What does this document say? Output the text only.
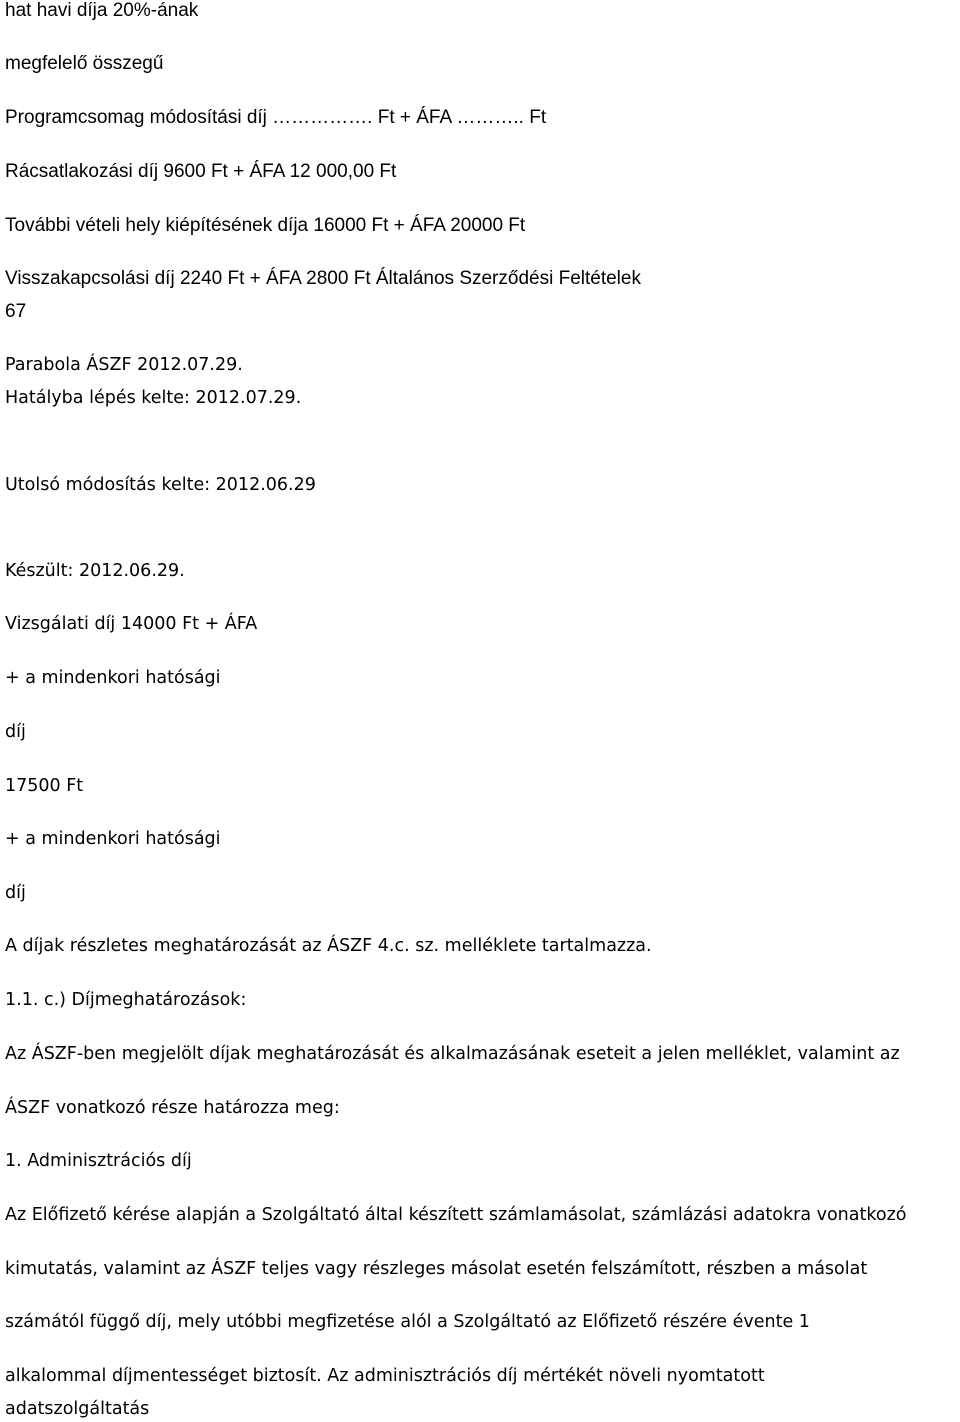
hat havi díja 20%-ának

megfelelő összegű

Programcsomag módosítási díj ……………. Ft + ÁFA ……….. Ft

Rácsatlakozási díj 9600 Ft + ÁFA 12 000,00 Ft

További vételi hely kiépítésének díja 16000 Ft + ÁFA 20000 Ft

Visszakapcsolási díj 2240 Ft + ÁFA 2800 Ft Általános Szerződési Feltételek

67

Parabola ÁSZF 2012.07.29.

Hatályba lépés kelte: 2012.07.29.

Utolsó módosítás kelte: 2012.06.29

Készült: 2012.06.29.

Vizsgálati díj 14000 Ft + ÁFA

+ a mindenkori hatósági

díj

17500 Ft

+ a mindenkori hatósági

díj

A díjak részletes meghatározását az ÁSZF 4.c. sz. melléklete tartalmazza.

1.1. c.) Díjmeghatározások:

Az ÁSZF-ben megjelölt díjak meghatározását és alkalmazásának eseteit a jelen melléklet, valamint az

ÁSZF vonatkozó része határozza meg:

1. Adminisztrációs díj

Az Előfizető kérése alapján a Szolgáltató által készített számlamásolat, számlázási adatokra vonatkozó

kimutatás, valamint az ÁSZF teljes vagy részleges másolat esetén felszámított, részben a másolat

számától függő díj, mely utóbbi megfizetése alól a Szolgáltató az Előfizető részére évente 1

alkalommal díjmentességet biztosít. Az adminisztrációs díj mértékét növeli nyomtatott

adatszolgáltatás
